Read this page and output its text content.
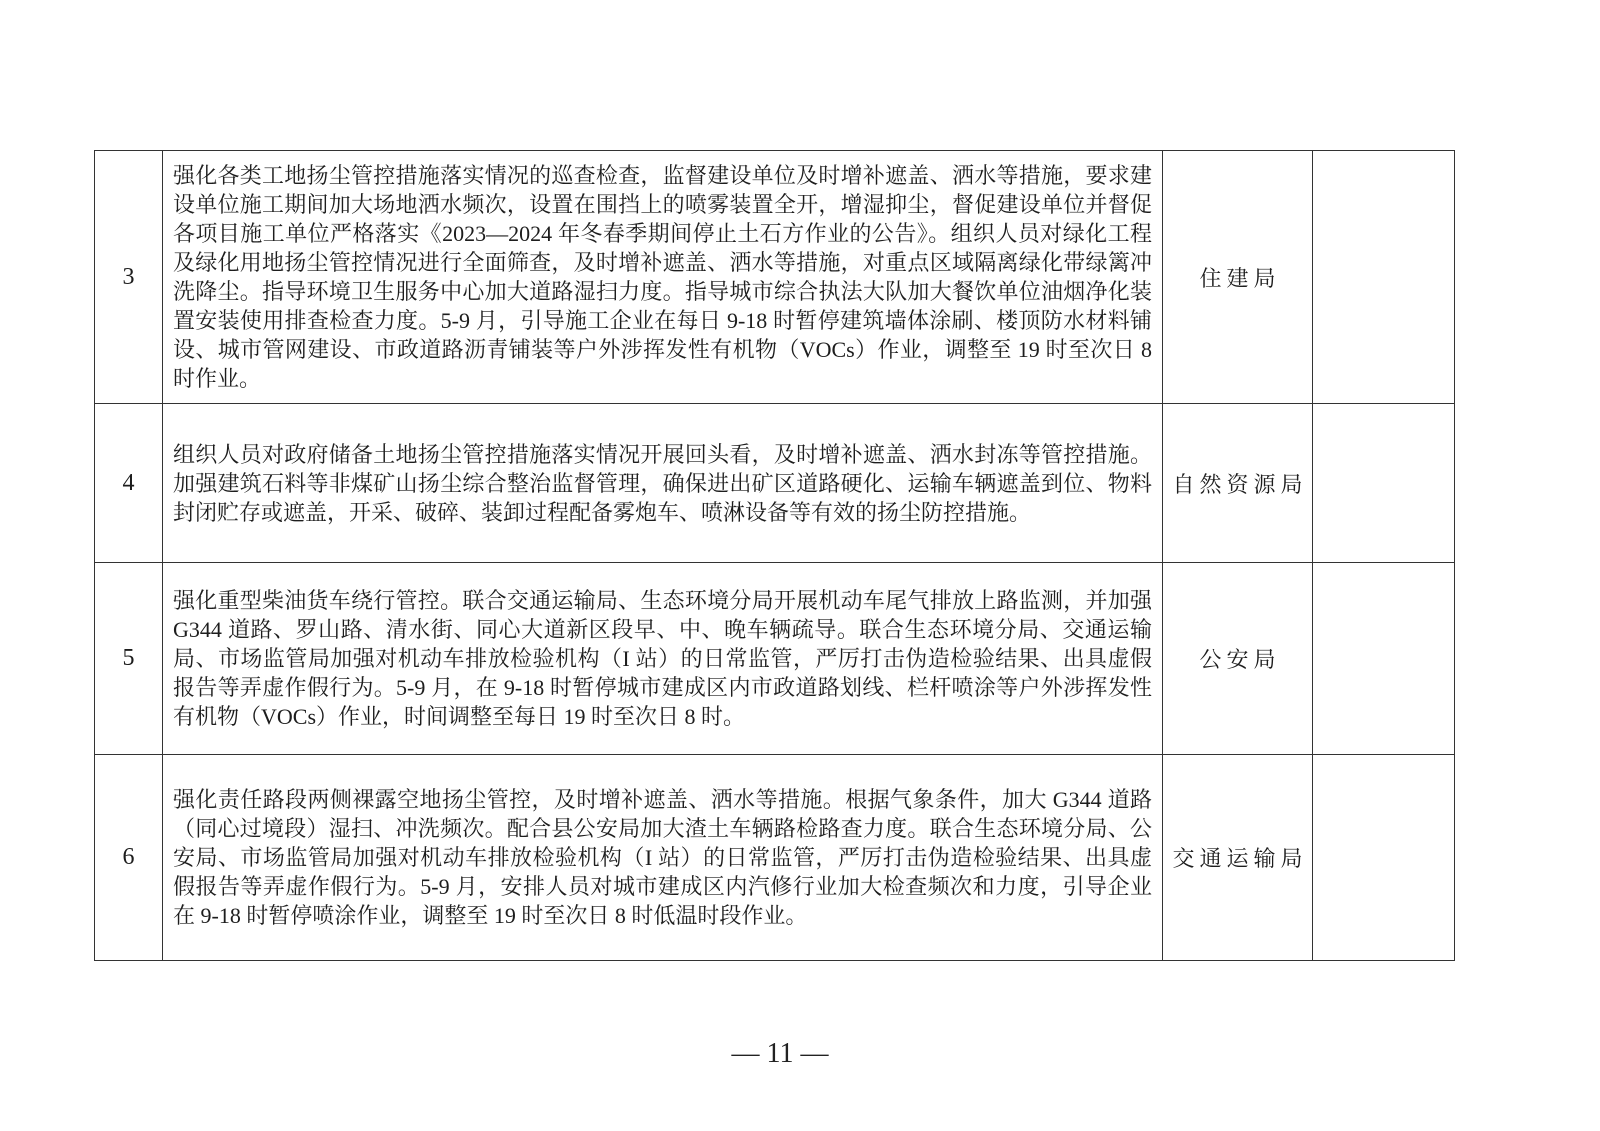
3	强化各类工地扬尘管控措施落实情况的巡查检查，监督建设单位及时增补遮盖、洒水等措施，要求建设单位施工期间加大场地洒水频次，设置在围挡上的喷雾装置全开，增湿抑尘，督促建设单位并督促各项目施工单位严格落实《2023—2024 年冬春季期间停止土石方作业的公告》。组织人员对绿化工程及绿化用地扬尘管控情况进行全面筛查，及时增补遮盖、洒水等措施，对重点区域隔离绿化带绿篱冲洗降尘。指导环境卫生服务中心加大道路湿扫力度。指导城市综合执法大队加大餐饮单位油烟净化装置安装使用排查检查力度。5-9 月，引导施工企业在每日 9-18 时暂停建筑墙体涂刷、楼顶防水材料铺设、城市管网建设、市政道路沥青铺装等户外涉挥发性有机物（VOCs）作业，调整至 19 时至次日 8 时作业。	住建局	
4	组织人员对政府储备土地扬尘管控措施落实情况开展回头看，及时增补遮盖、洒水封冻等管控措施。加强建筑石料等非煤矿山扬尘综合整治监督管理，确保进出矿区道路硬化、运输车辆遮盖到位、物料封闭贮存或遮盖，开采、破碎、装卸过程配备雾炮车、喷淋设备等有效的扬尘防控措施。	自然资源局	
5	强化重型柴油货车绕行管控。联合交通运输局、生态环境分局开展机动车尾气排放上路监测，并加强 G344 道路、罗山路、清水街、同心大道新区段早、中、晚车辆疏导。联合生态环境分局、交通运输局、市场监管局加强对机动车排放检验机构（I 站）的日常监管，严厉打击伪造检验结果、出具虚假报告等弄虚作假行为。5-9 月，在 9-18 时暂停城市建成区内市政道路划线、栏杆喷涂等户外涉挥发性有机物（VOCs）作业，时间调整至每日 19 时至次日 8 时。	公安局	
6	强化责任路段两侧裸露空地扬尘管控，及时增补遮盖、洒水等措施。根据气象条件，加大 G344 道路（同心过境段）湿扫、冲洗频次。配合县公安局加大渣土车辆路检路查力度。联合生态环境分局、公安局、市场监管局加强对机动车排放检验机构（I 站）的日常监管，严厉打击伪造检验结果、出具虚假报告等弄虚作假行为。5-9 月，安排人员对城市建成区内汽修行业加大检查频次和力度，引导企业在 9-18 时暂停喷涂作业，调整至 19 时至次日 8 时低温时段作业。	交通运输局	
— 11 —
